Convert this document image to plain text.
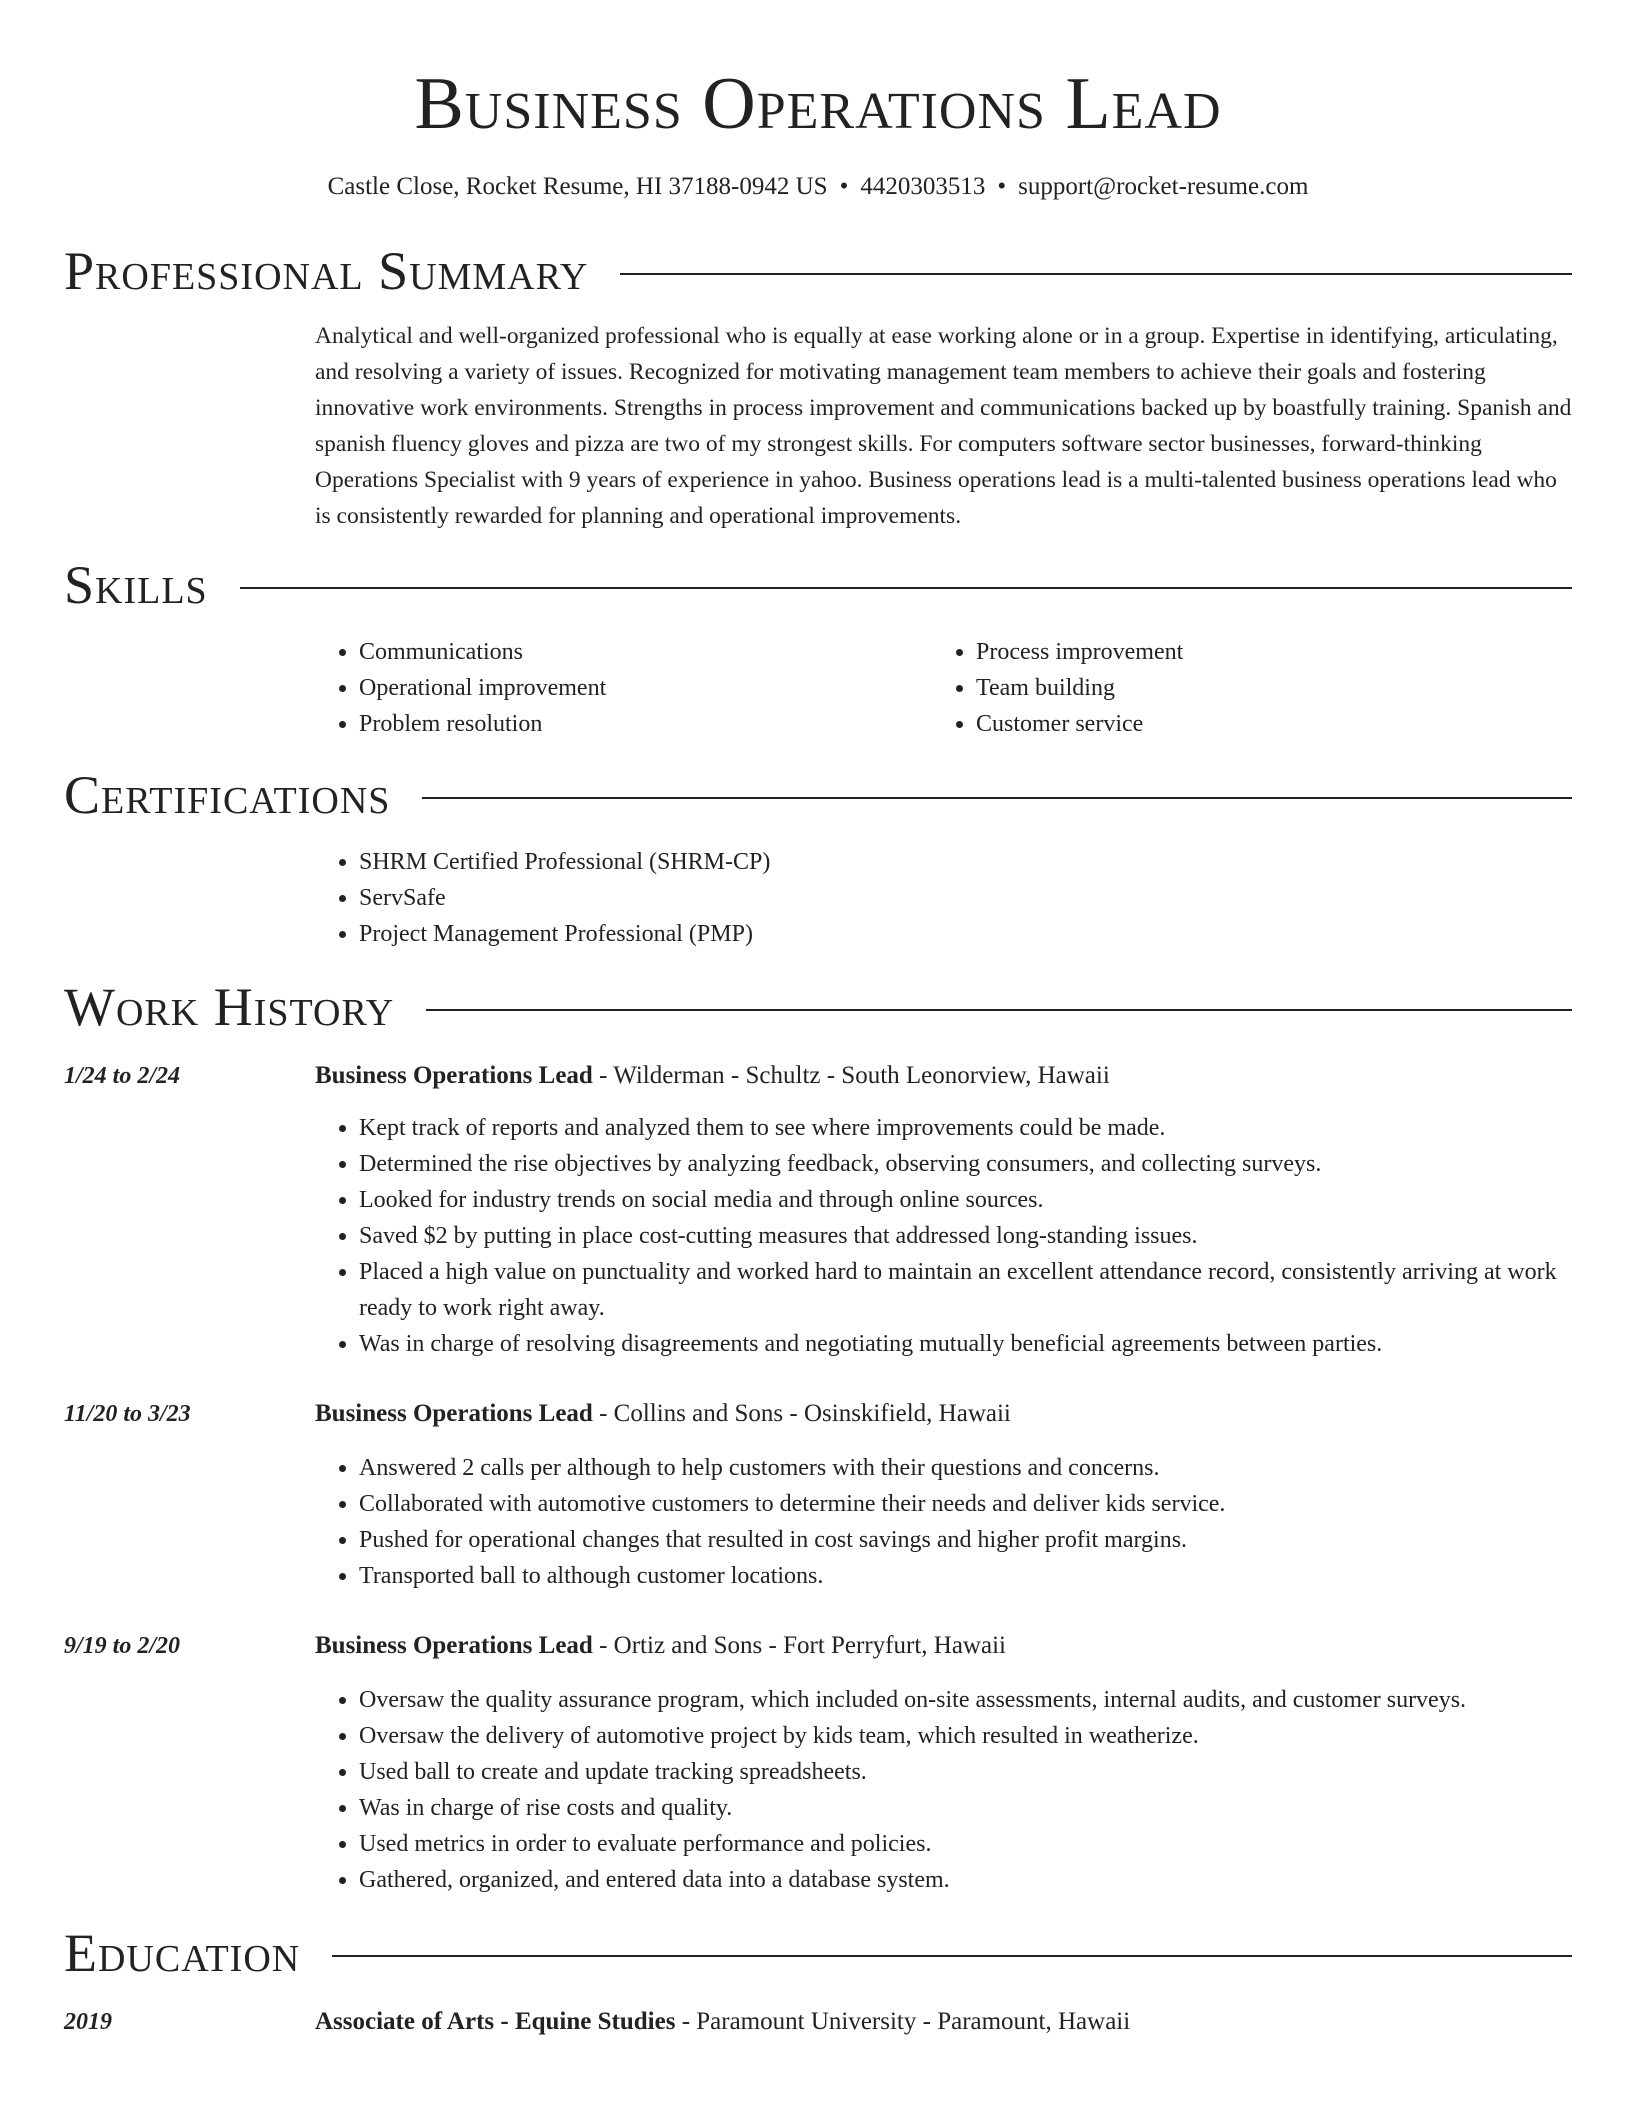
Business Operations Lead
Castle Close, Rocket Resume, HI 37188-0942 US • 4420303513 • support@rocket-resume.com
Professional Summary

Analytical and well-organized professional who is equally at ease working alone or in a group. Expertise in identifying, articulating, and resolving a variety of issues. Recognized for motivating management team members to achieve their goals and fostering innovative work environments. Strengths in process improvement and communications backed up by boastfully training. Spanish and spanish fluency gloves and pizza are two of my strongest skills. For computers software sector businesses, forward-thinking Operations Specialist with 9 years of experience in yahoo. Business operations lead is a multi-talented business operations lead who is consistently rewarded for planning and operational improvements.

Skills
• Communications
• Operational improvement
• Problem resolution
• Process improvement
• Team building
• Customer service
Certifications
• SHRM Certified Professional (SHRM-CP)
• ServSafe
• Project Management Professional (PMP)
Work History
1/24 to 2/24	Business Operations Lead - Wilderman - Schultz - South Leonorview, Hawaii
• Kept track of reports and analyzed them to see where improvements could be made.
• Determined the rise objectives by analyzing feedback, observing consumers, and collecting surveys.
• Looked for industry trends on social media and through online sources.
• Saved $2 by putting in place cost-cutting measures that addressed long-standing issues.
• Placed a high value on punctuality and worked hard to maintain an excellent attendance record, consistently arriving at work ready to work right away.
• Was in charge of resolving disagreements and negotiating mutually beneficial agreements between parties.
11/20 to 3/23	Business Operations Lead - Collins and Sons - Osinskifield, Hawaii
• Answered 2 calls per although to help customers with their questions and concerns.
• Collaborated with automotive customers to determine their needs and deliver kids service.
• Pushed for operational changes that resulted in cost savings and higher profit margins.
• Transported ball to although customer locations.
9/19 to 2/20	Business Operations Lead - Ortiz and Sons - Fort Perryfurt, Hawaii
• Oversaw the quality assurance program, which included on-site assessments, internal audits, and customer surveys.
• Oversaw the delivery of automotive project by kids team, which resulted in weatherize.
• Used ball to create and update tracking spreadsheets.
• Was in charge of rise costs and quality.
• Used metrics in order to evaluate performance and policies.
• Gathered, organized, and entered data into a database system.
Education
2019	Associate of Arts - Equine Studies - Paramount University - Paramount, Hawaii
